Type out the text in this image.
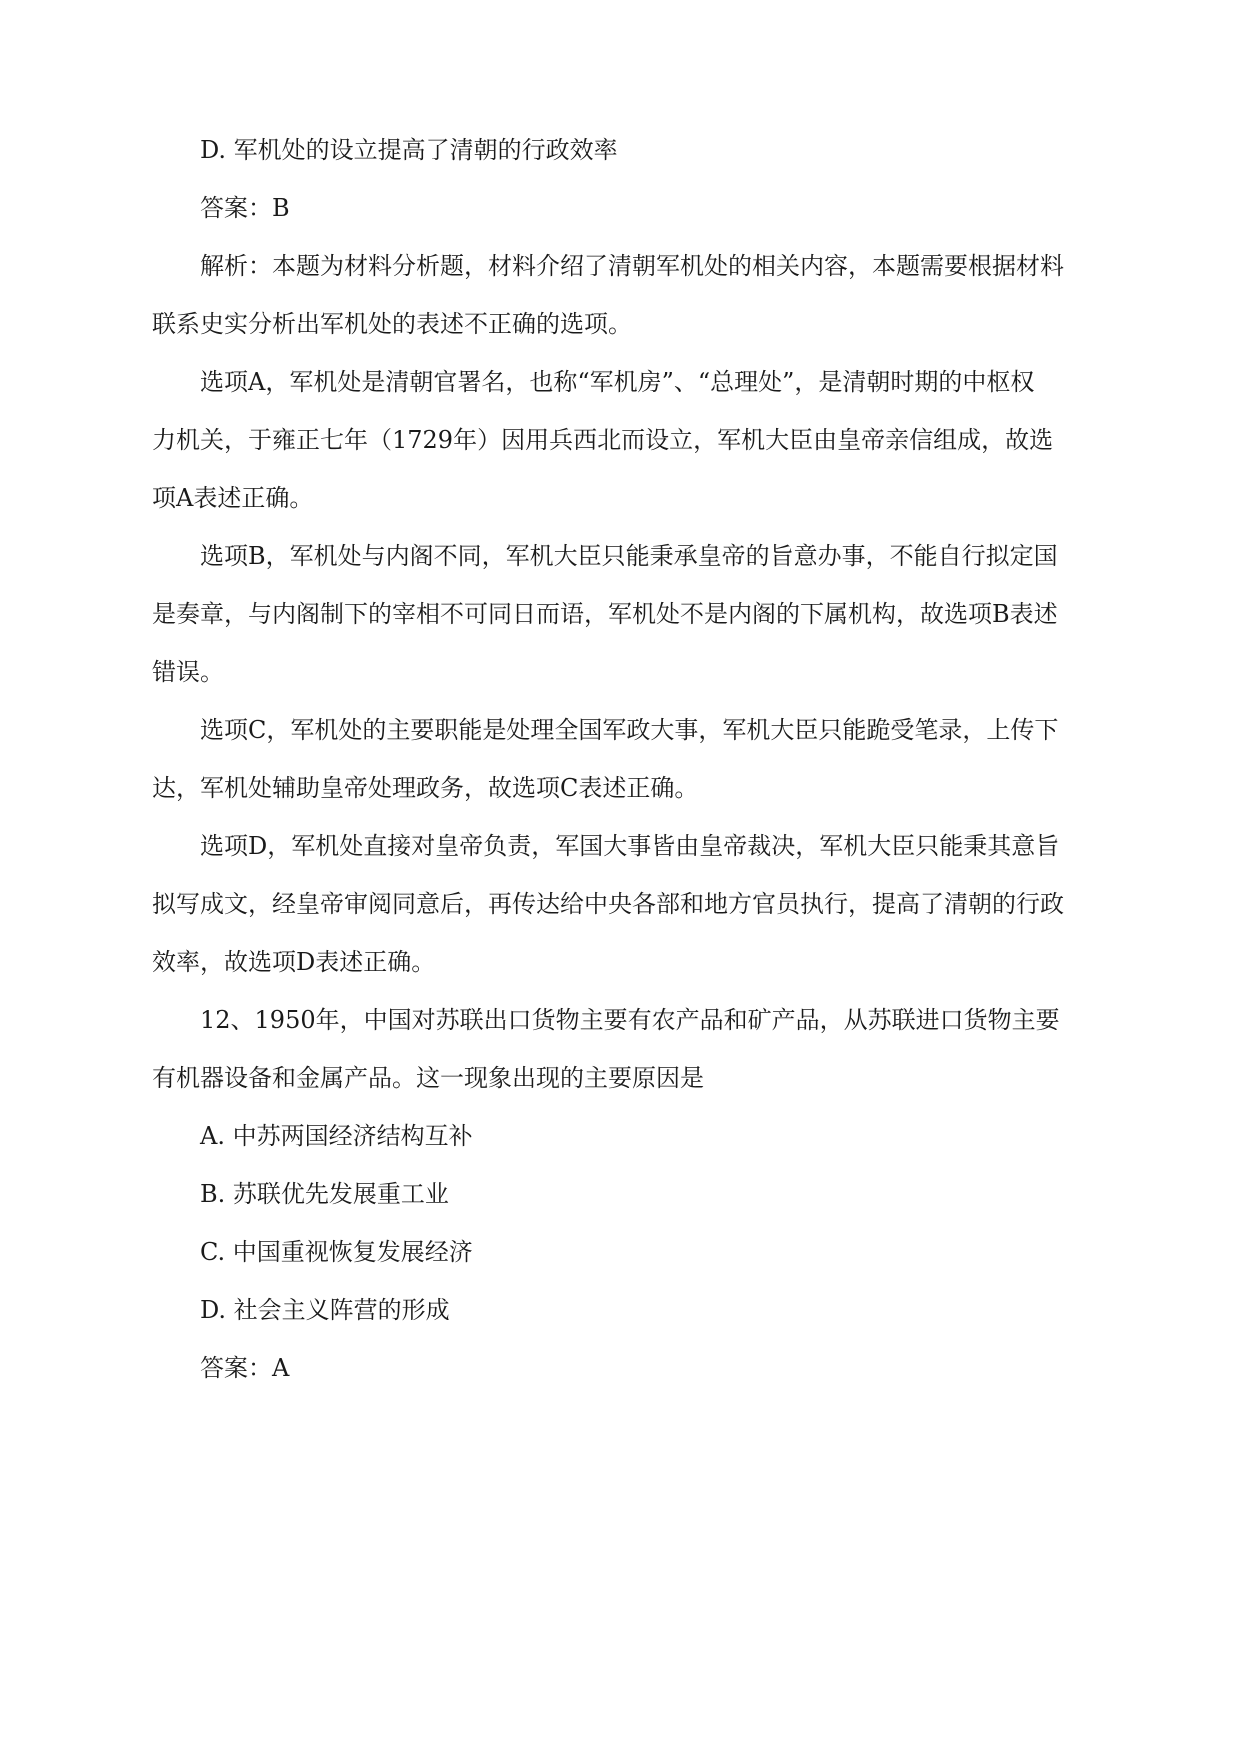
D. 军机处的设立提高了清朝的行政效率

答案：B

解析：本题为材料分析题，材料介绍了清朝军机处的相关内容，本题需要根据材料

联系史实分析出军机处的表述不正确的选项。

选项A，军机处是清朝官署名，也称“军机房”、“总理处”，是清朝时期的中枢权

力机关，于雍正七年（1729年）因用兵西北而设立，军机大臣由皇帝亲信组成，故选

项A表述正确。

选项B，军机处与内阁不同，军机大臣只能秉承皇帝的旨意办事，不能自行拟定国

是奏章，与内阁制下的宰相不可同日而语，军机处不是内阁的下属机构，故选项B表述

错误。

选项C，军机处的主要职能是处理全国军政大事，军机大臣只能跪受笔录，上传下

达，军机处辅助皇帝处理政务，故选项C表述正确。

选项D，军机处直接对皇帝负责，军国大事皆由皇帝裁决，军机大臣只能秉其意旨

拟写成文，经皇帝审阅同意后，再传达给中央各部和地方官员执行，提高了清朝的行政

效率，故选项D表述正确。

12、1950年，中国对苏联出口货物主要有农产品和矿产品，从苏联进口货物主要

有机器设备和金属产品。这一现象出现的主要原因是

A. 中苏两国经济结构互补

B. 苏联优先发展重工业

C. 中国重视恢复发展经济

D. 社会主义阵营的形成

答案：A
